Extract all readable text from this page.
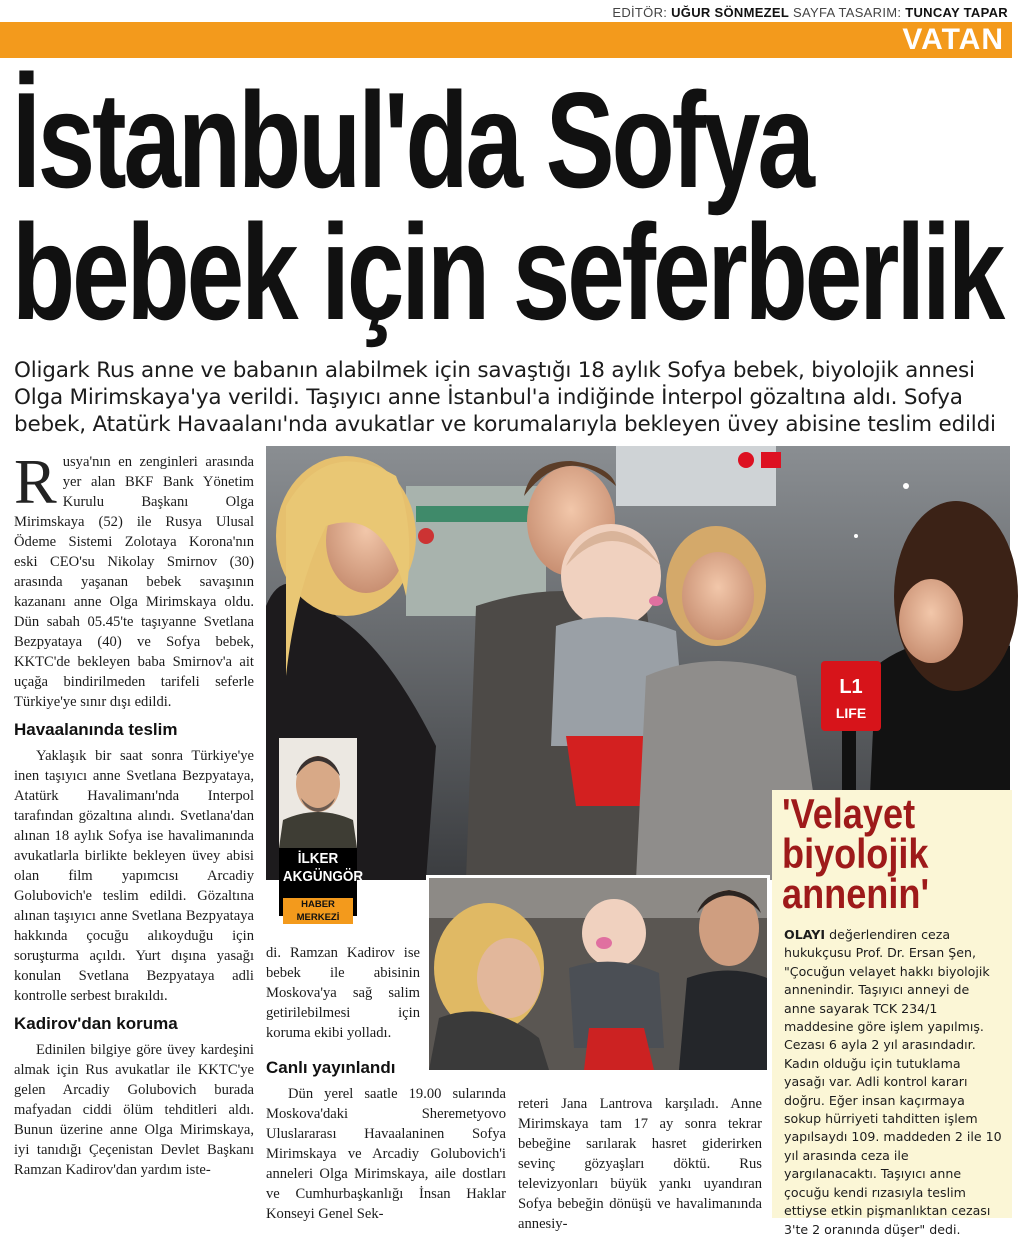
EDİTÖR: UĞUR SÖNMEZEL SAYFA TASARIM: TUNCAY TAPAR
VATAN
İstanbul'da Sofya
bebek için seferberlik
Oligark Rus anne ve babanın alabilmek için savaştığı 18 aylık Sofya bebek, biyolojik annesi Olga Mirimskaya'ya verildi. Taşıyıcı anne İstanbul'a indiğinde İnterpol gözaltına aldı. Sofya bebek, Atatürk Havaalanı'nda avukatlar ve korumalarıyla bekleyen üvey abisine teslim edildi

Rusya'nın en zenginleri arasında yer alan BKF Bank Yönetim Kurulu Başkanı Olga Mirimskaya (52) ile Rusya Ulusal Ödeme Sistemi Zolotaya Korona'nın eski CEO'su Nikolay Smirnov (30) arasında yaşanan bebek savaşının kazananı anne Olga Mirimskaya oldu. Dün sabah 05.45'te taşıyanne Svetlana Bezpyataya (40) ve Sofya bebek, KKTC'de bekleyen baba Smirnov'a ait uçağa bindirilmeden tarifeli seferle Türkiye'ye sınır dışı edildi.

Havaalanında teslim

Yaklaşık bir saat sonra Türkiye'ye inen taşıyıcı anne Svetlana Bezpyataya, Atatürk Havalimanı'nda Interpol tarafından gözaltına alındı. Svetlana'dan alınan 18 aylık Sofya ise havalimanında avukatlarla birlikte bekleyen üvey abisi olan film yapımcısı Arcadiy Golubovich'e teslim edildi. Gözaltına alınan taşıyıcı anne Svetlana Bezpyataya hakkında çocuğu alıkoyduğu için soruşturma açıldı. Yurt dışına yasağı konulan Svetlana Bezpyataya adli kontrolle serbest bırakıldı.

Kadirov'dan koruma

Edinilen bilgiye göre üvey kardeşini almak için Rus avukatlar ile KKTC'ye gelen Arcadiy Golubovich burada mafyadan ciddi ölüm tehditleri aldı. Bunun üzerine anne Olga Mirimskaya, iyi tanıdığı Çeçenistan Devlet Başkanı Ramzan Kadirov'dan yardım iste-

di. Ramzan Kadirov ise bebek ile abisinin Moskova'ya sağ salim getirilebilmesi için koruma ekibi yolladı.

Canlı yayınlandı

Dün yerel saatle 19.00 sularında Moskova'daki Sheremetyovo Uluslararası Havaalaninen Sofya Mirimskaya ve Arcadiy Golubovich'i anneleri Olga Mirimskaya, aile dostları ve Cumhurbaşkanlığı İnsan Haklar Konseyi Genel Sek-

reteri Jana Lantrova karşıladı. Anne Mirimskaya tam 17 ay sonra tekrar bebeğine sarılarak hasret giderirken sevinç gözyaşları döktü. Rus televizyonları büyük yankı uyandıran Sofya bebeğin dönüşü ve havalimanında annesiy-

L1
LIFE
İLKER
AKGÜNGÖR
HABER MERKEZİ
'Velayet
biyolojik
annenin'
OLAYI değerlendiren ceza hukukçusu Prof. Dr. Ersan Şen, "Çocuğun velayet hakkı biyolojik annenindir. Taşıyıcı anneyi de anne sayarak TCK 234/1 maddesine göre işlem yapılmış. Cezası 6 ayla 2 yıl arasındadır. Kadın olduğu için tutuklama yasağı var. Adli kontrol kararı doğru. Eğer insan kaçırmaya sokup hürriyeti tahditten işlem yapılsaydı 109. maddeden 2 ile 10 yıl arasında ceza ile yargılanacaktı. Taşıyıcı anne çocuğu kendi rızasıyla teslim ettiyse etkin pişmanlıktan cezası 3'te 2 oranında düşer" dedi.
